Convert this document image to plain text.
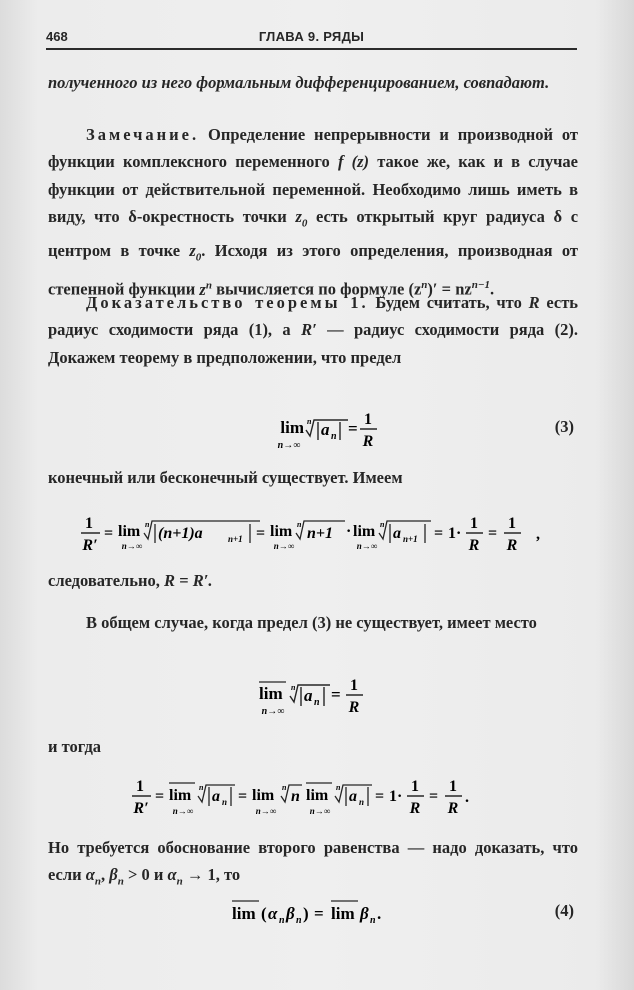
468	ГЛАВА 9. РЯДЫ
полученного из него формальным дифференцированием, совпадают.
Замечание. Определение непрерывности и производной от функции комплексного переменного f (z) такое же, как и в случае функции от действительной переменной. Необходимо лишь иметь в виду, что δ-окрестность точки $z_0$ есть открытый круг радиуса δ с центром в точке $z_0$. Исходя из этого определения, производная от степенной функции $z^n$ вычисляется по формуле $(z^n)' = nz^{n-1}$.
Доказательство теоремы 1. Будем считать, что R есть радиус сходимости ряда (1), а R′ — радиус сходимости ряда (2). Докажем теорему в предположении, что предел
lim
n→∞
n a n = 1
R
(3)
конечный или бесконечный существует. Имеем
1
R′
= lim
n→∞
n
(n+1)a	n+1 = lim
n→∞
n
n+1 · lim
n→∞
n
a n+1 = 1·
1
R
=
1
R
,
следовательно, R = R′.
В общем случае, когда предел (3) не существует, имеет место
lim
n→∞
n a n = 1
R
и тогда
1
R′
= lim
n→∞
n
a n = lim
n→∞
n
n lim
n→∞
n
a n = 1·
1
R
=
1
R
.
Но требуется обоснование второго равенства — надо доказать, что если $\alpha_n$, $\beta_n > 0$ и $\alpha_n \to 1$, то
lim ( α n β n ) = lim β n .	(4)
